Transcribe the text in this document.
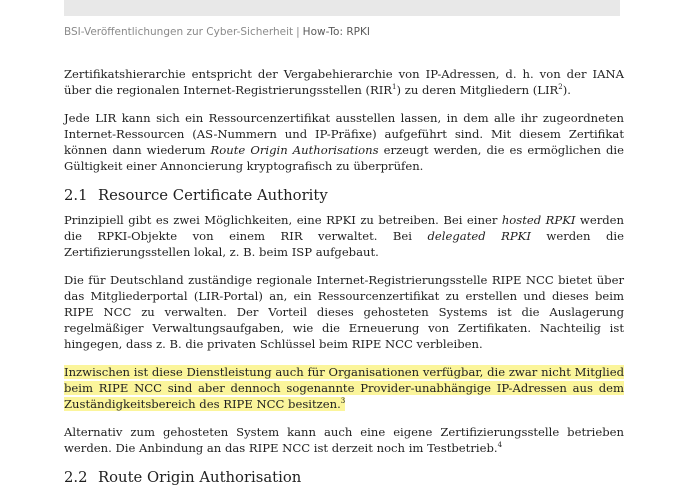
BSI-Veröffentlichungen zur Cyber-Sicherheit | How-To: RPKI

Zertifikatshierarchie entspricht der Vergabehierarchie von IP-Adressen, d. h. von der IANA über die regionalen Internet-Registrierungsstellen (RIR$^1$) zu deren Mitgliedern (LIR$^2$).

Jede LIR kann sich ein Ressourcenzertifikat ausstellen lassen, in dem alle ihr zugeordneten Internet-Ressourcen (AS-Nummern und IP-Präfixe) aufgeführt sind. Mit diesem Zertifikat können dann wiederum Route Origin Authorisations erzeugt werden, die es ermöglichen die Gültigkeit einer Annoncierung kryptografisch zu überprüfen.

2.1 Resource Certificate Authority

Prinzipiell gibt es zwei Möglichkeiten, eine RPKI zu betreiben. Bei einer hosted RPKI werden die RPKI-Objekte von einem RIR verwaltet. Bei delegated RPKI werden die Zertifizierungsstellen lokal, z. B. beim ISP aufgebaut.

Die für Deutschland zuständige regionale Internet-Registrierungsstelle RIPE NCC bietet über das Mitgliederportal (LIR-Portal) an, ein Ressourcenzertifikat zu erstellen und dieses beim RIPE NCC zu verwalten. Der Vorteil dieses gehosteten Systems ist die Auslagerung regelmäßiger Verwaltungsaufgaben, wie die Erneuerung von Zertifikaten. Nachteilig ist hingegen, dass z. B. die privaten Schlüssel beim RIPE NCC verbleiben.

Inzwischen ist diese Dienstleistung auch für Organisationen verfügbar, die zwar nicht Mitglied beim RIPE NCC sind aber dennoch sogenannte Provider-unabhängige IP-Adressen aus dem Zuständigkeitsbereich des RIPE NCC besitzen.$^3$

Alternativ zum gehosteten System kann auch eine eigene Zertifizierungsstelle betrieben werden. Die Anbindung an das RIPE NCC ist derzeit noch im Testbetrieb.$^4$

2.2 Route Origin Authorisation
